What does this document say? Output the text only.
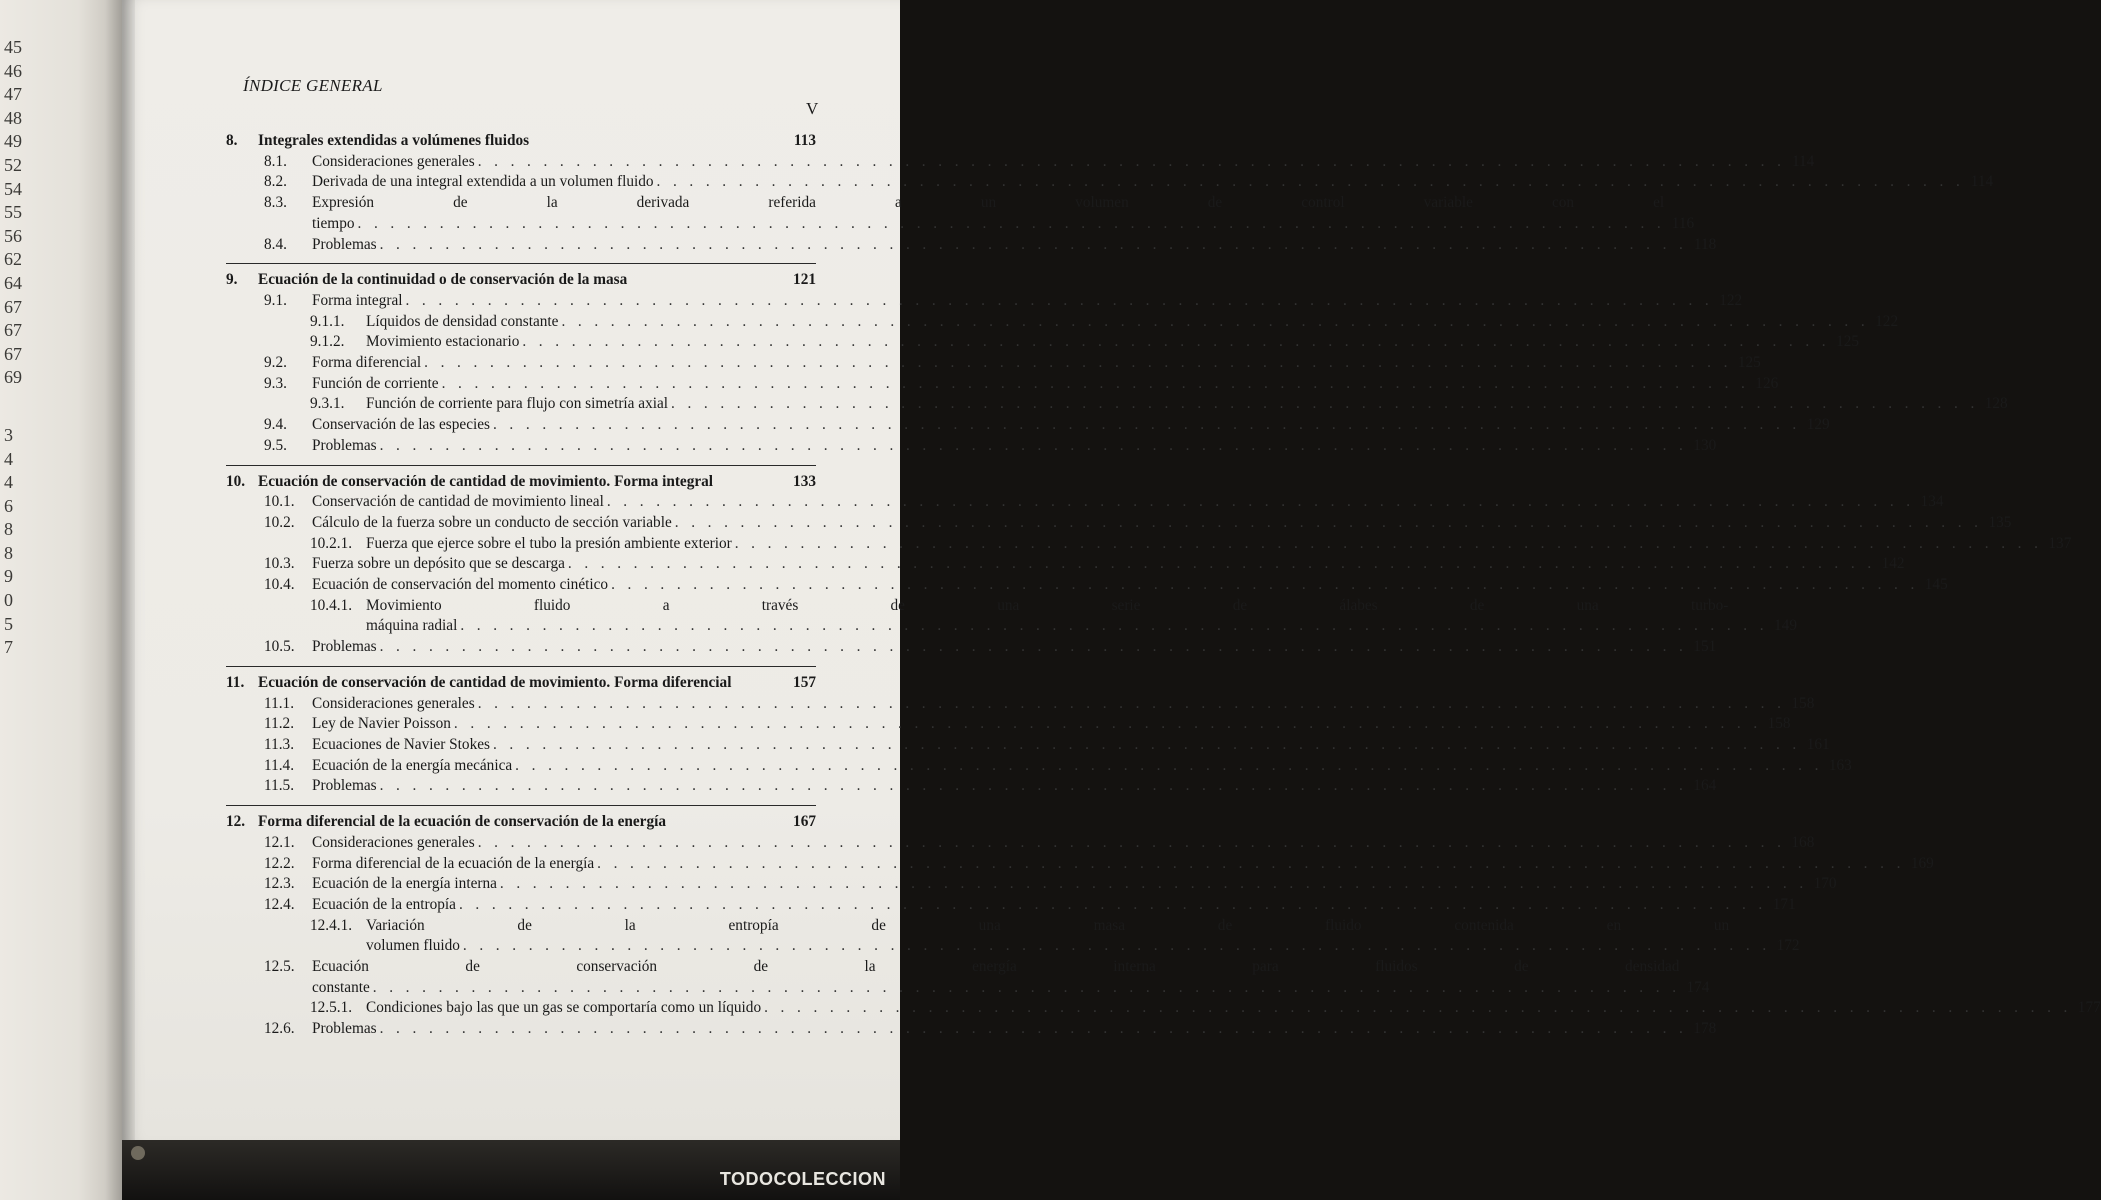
45
46
47
48
49
52
54
55
56
62
64
67
67
67
69
3
4
4
6
8
8
9
0
5
7
ÍNDICE GENERAL
V
8.	Integrales extendidas a volúmenes fluidos	113
8.1.	Consideraciones generales . . . . . . . . . . . . . . . . . . . . . . . . . . . . . . . . . . . . . . . . . . . . . . . . . . . . . . . . . . . . . . . . . . . . . . . . . . . . . . . . 114
8.2.	Derivada de una integral extendida a un volumen fluido . . . . . . . . . . . . . . . . . . . . . . . . . . . . . . . . . . . . . . . . . . . . . . . . . . . . . . . . . . . . . . . . . . . . . . . . . . . . . . . . 114
8.3.	Expresión de la derivada referida a un volumen de control variable con el
tiempo . . . . . . . . . . . . . . . . . . . . . . . . . . . . . . . . . . . . . . . . . . . . . . . . . . . . . . . . . . . . . . . . . . . . . . . . . . . . . . . . 116
8.4.	Problemas . . . . . . . . . . . . . . . . . . . . . . . . . . . . . . . . . . . . . . . . . . . . . . . . . . . . . . . . . . . . . . . . . . . . . . . . . . . . . . . . 118
9.	Ecuación de la continuidad o de conservación de la masa	121
9.1.	Forma integral . . . . . . . . . . . . . . . . . . . . . . . . . . . . . . . . . . . . . . . . . . . . . . . . . . . . . . . . . . . . . . . . . . . . . . . . . . . . . . . . 122
9.1.1.	Líquidos de densidad constante . . . . . . . . . . . . . . . . . . . . . . . . . . . . . . . . . . . . . . . . . . . . . . . . . . . . . . . . . . . . . . . . . . . . . . . . . . . . . . . . 122
9.1.2.	Movimiento estacionario . . . . . . . . . . . . . . . . . . . . . . . . . . . . . . . . . . . . . . . . . . . . . . . . . . . . . . . . . . . . . . . . . . . . . . . . . . . . . . . . 125
9.2.	Forma diferencial . . . . . . . . . . . . . . . . . . . . . . . . . . . . . . . . . . . . . . . . . . . . . . . . . . . . . . . . . . . . . . . . . . . . . . . . . . . . . . . . 125
9.3.	Función de corriente . . . . . . . . . . . . . . . . . . . . . . . . . . . . . . . . . . . . . . . . . . . . . . . . . . . . . . . . . . . . . . . . . . . . . . . . . . . . . . . . 126
9.3.1.	Función de corriente para flujo con simetría axial . . . . . . . . . . . . . . . . . . . . . . . . . . . . . . . . . . . . . . . . . . . . . . . . . . . . . . . . . . . . . . . . . . . . . . . . . . . . . . . . 128
9.4.	Conservación de las especies . . . . . . . . . . . . . . . . . . . . . . . . . . . . . . . . . . . . . . . . . . . . . . . . . . . . . . . . . . . . . . . . . . . . . . . . . . . . . . . . 129
9.5.	Problemas . . . . . . . . . . . . . . . . . . . . . . . . . . . . . . . . . . . . . . . . . . . . . . . . . . . . . . . . . . . . . . . . . . . . . . . . . . . . . . . . 130
10. Ecuación de conservación de cantidad de movimiento. Forma integral	133
10.1.	Conservación de cantidad de movimiento lineal . . . . . . . . . . . . . . . . . . . . . . . . . . . . . . . . . . . . . . . . . . . . . . . . . . . . . . . . . . . . . . . . . . . . . . . . . . . . . . . . 134
10.2.	Cálculo de la fuerza sobre un conducto de sección variable . . . . . . . . . . . . . . . . . . . . . . . . . . . . . . . . . . . . . . . . . . . . . . . . . . . . . . . . . . . . . . . . . . . . . . . . . . . . . . . . 135
10.2.1. Fuerza que ejerce sobre el tubo la presión ambiente exterior . . . . . . . . . . . . . . . . . . . . . . . . . . . . . . . . . . . . . . . . . . . . . . . . . . . . . . . . . . . . . . . . . . . . . . . . . . . . . . . . 137
10.3.	Fuerza sobre un depósito que se descarga . . . . . . . . . . . . . . . . . . . . . . . . . . . . . . . . . . . . . . . . . . . . . . . . . . . . . . . . . . . . . . . . . . . . . . . . . . . . . . . . 142
10.4.	Ecuación de conservación del momento cinético . . . . . . . . . . . . . . . . . . . . . . . . . . . . . . . . . . . . . . . . . . . . . . . . . . . . . . . . . . . . . . . . . . . . . . . . . . . . . . . . 145
10.4.1. Movimiento fluido a través de una serie de álabes de una turbo-
máquina radial . . . . . . . . . . . . . . . . . . . . . . . . . . . . . . . . . . . . . . . . . . . . . . . . . . . . . . . . . . . . . . . . . . . . . . . . . . . . . . . . 149
10.5.	Problemas . . . . . . . . . . . . . . . . . . . . . . . . . . . . . . . . . . . . . . . . . . . . . . . . . . . . . . . . . . . . . . . . . . . . . . . . . . . . . . . . 151
11. Ecuación de conservación de cantidad de movimiento. Forma diferencial	157
11.1.	Consideraciones generales . . . . . . . . . . . . . . . . . . . . . . . . . . . . . . . . . . . . . . . . . . . . . . . . . . . . . . . . . . . . . . . . . . . . . . . . . . . . . . . . 158
11.2.	Ley de Navier Poisson . . . . . . . . . . . . . . . . . . . . . . . . . . . . . . . . . . . . . . . . . . . . . . . . . . . . . . . . . . . . . . . . . . . . . . . . . . . . . . . . 158
11.3.	Ecuaciones de Navier Stokes . . . . . . . . . . . . . . . . . . . . . . . . . . . . . . . . . . . . . . . . . . . . . . . . . . . . . . . . . . . . . . . . . . . . . . . . . . . . . . . . 161
11.4.	Ecuación de la energía mecánica . . . . . . . . . . . . . . . . . . . . . . . . . . . . . . . . . . . . . . . . . . . . . . . . . . . . . . . . . . . . . . . . . . . . . . . . . . . . . . . . 163
11.5.	Problemas . . . . . . . . . . . . . . . . . . . . . . . . . . . . . . . . . . . . . . . . . . . . . . . . . . . . . . . . . . . . . . . . . . . . . . . . . . . . . . . . 164
12. Forma diferencial de la ecuación de conservación de la energía	167
12.1.	Consideraciones generales . . . . . . . . . . . . . . . . . . . . . . . . . . . . . . . . . . . . . . . . . . . . . . . . . . . . . . . . . . . . . . . . . . . . . . . . . . . . . . . . 168
12.2.	Forma diferencial de la ecuación de la energía . . . . . . . . . . . . . . . . . . . . . . . . . . . . . . . . . . . . . . . . . . . . . . . . . . . . . . . . . . . . . . . . . . . . . . . . . . . . . . . . 169
12.3.	Ecuación de la energía interna . . . . . . . . . . . . . . . . . . . . . . . . . . . . . . . . . . . . . . . . . . . . . . . . . . . . . . . . . . . . . . . . . . . . . . . . . . . . . . . . 170
12.4.	Ecuación de la entropía . . . . . . . . . . . . . . . . . . . . . . . . . . . . . . . . . . . . . . . . . . . . . . . . . . . . . . . . . . . . . . . . . . . . . . . . . . . . . . . . 171
12.4.1. Variación de la entropía de una masa de fluido contenida en un
volumen fluido . . . . . . . . . . . . . . . . . . . . . . . . . . . . . . . . . . . . . . . . . . . . . . . . . . . . . . . . . . . . . . . . . . . . . . . . . . . . . . . . 172
12.5.	Ecuación de conservación de la energía interna para fluidos de densidad
constante . . . . . . . . . . . . . . . . . . . . . . . . . . . . . . . . . . . . . . . . . . . . . . . . . . . . . . . . . . . . . . . . . . . . . . . . . . . . . . . . 174
12.5.1. Condiciones bajo las que un gas se comportaría como un líquido . . . . . . . . . . . . . . . . . . . . . . . . . . . . . . . . . . . . . . . . . . . . . . . . . . . . . . . . . . . . . . . . . . . . . . . . . . . . . . . . 177
12.6.	Problemas . . . . . . . . . . . . . . . . . . . . . . . . . . . . . . . . . . . . . . . . . . . . . . . . . . . . . . . . . . . . . . . . . . . . . . . . . . . . . . . . 178
TODOCOLECCION
